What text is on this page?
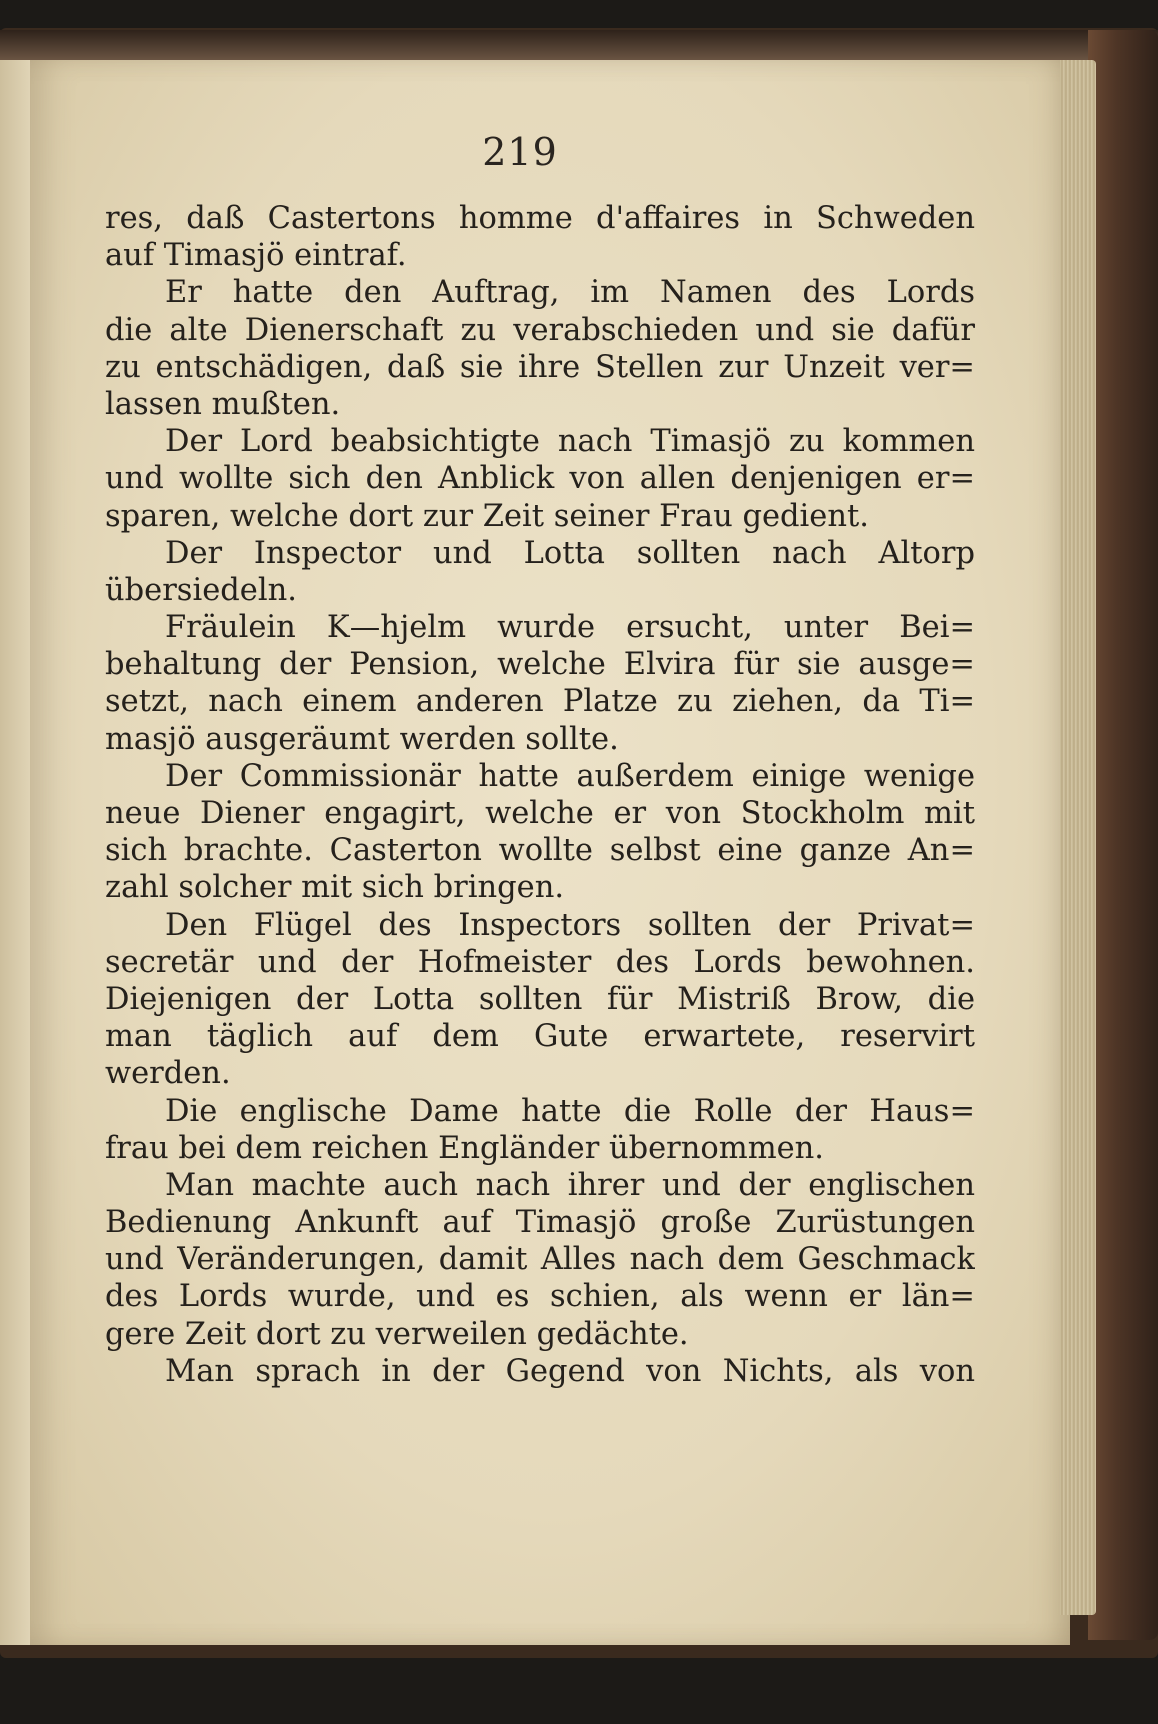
219
res, daß Castertons homme d'affaires in Schweden
auf Timasjö eintraf.
Er hatte den Auftrag, im Namen des Lords
die alte Dienerschaft zu verabschieden und sie dafür
zu entschädigen, daß sie ihre Stellen zur Unzeit ver=
lassen mußten.
Der Lord beabsichtigte nach Timasjö zu kommen
und wollte sich den Anblick von allen denjenigen er=
sparen, welche dort zur Zeit seiner Frau gedient.
Der Inspector und Lotta sollten nach Altorp
übersiedeln.
Fräulein K—hjelm wurde ersucht, unter Bei=
behaltung der Pension, welche Elvira für sie ausge=
setzt, nach einem anderen Platze zu ziehen, da Ti=
masjö ausgeräumt werden sollte.
Der Commissionär hatte außerdem einige wenige
neue Diener engagirt, welche er von Stockholm mit
sich brachte. Casterton wollte selbst eine ganze An=
zahl solcher mit sich bringen.
Den Flügel des Inspectors sollten der Privat=
secretär und der Hofmeister des Lords bewohnen.
Diejenigen der Lotta sollten für Mistriß Brow, die
man täglich auf dem Gute erwartete, reservirt
werden.
Die englische Dame hatte die Rolle der Haus=
frau bei dem reichen Engländer übernommen.
Man machte auch nach ihrer und der englischen
Bedienung Ankunft auf Timasjö große Zurüstungen
und Veränderungen, damit Alles nach dem Geschmack
des Lords wurde, und es schien, als wenn er län=
gere Zeit dort zu verweilen gedächte.
Man sprach in der Gegend von Nichts, als von
